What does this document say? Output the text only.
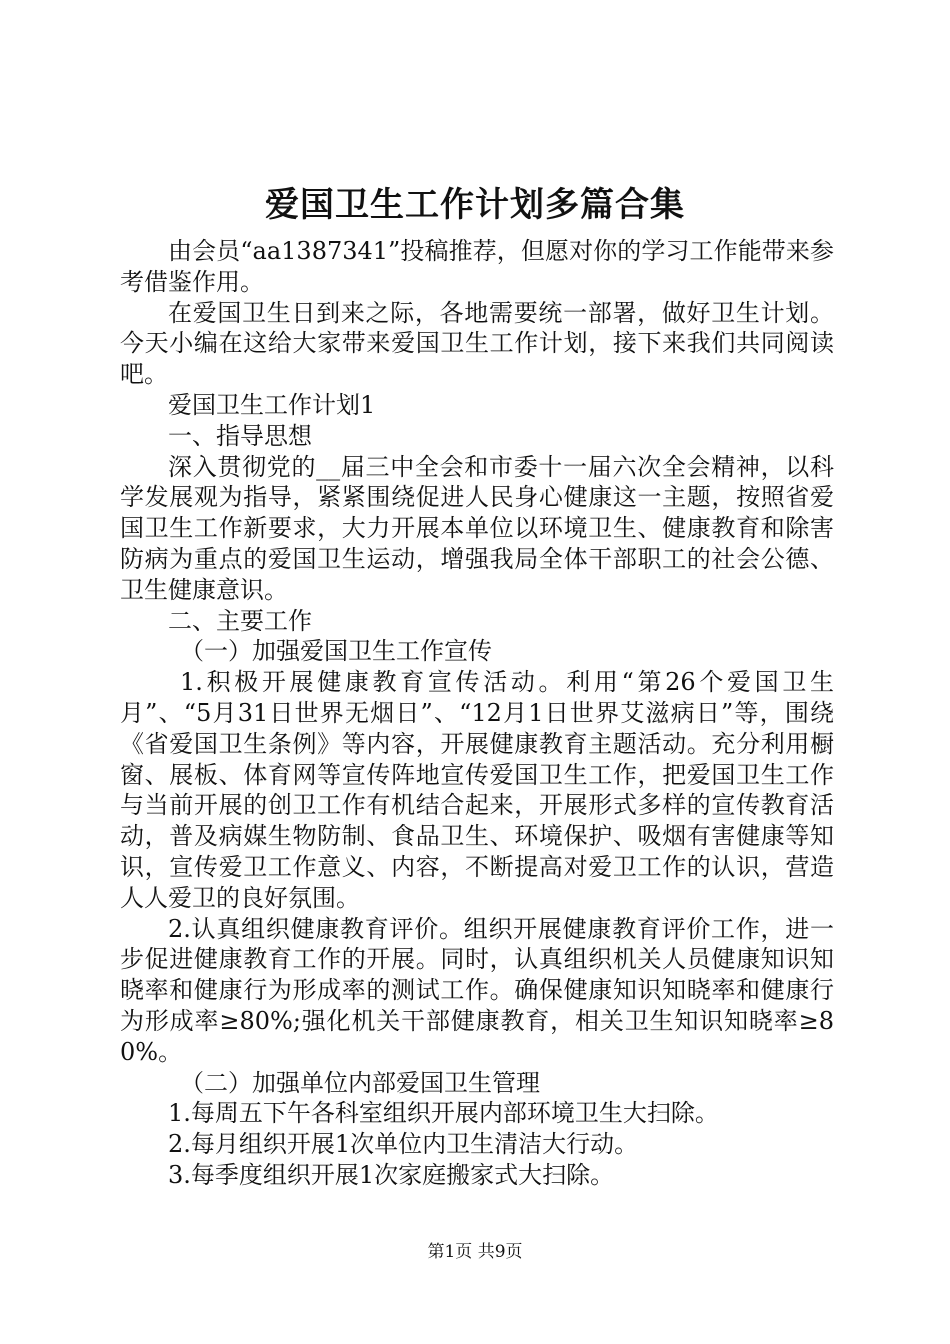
爱国卫生工作计划多篇合集

由会员“aa1387341”投稿推荐，但愿对你的学习工作能带来参考借鉴作用。

在爱国卫生日到来之际，各地需要统一部署，做好卫生计划。今天小编在这给大家带来爱国卫生工作计划，接下来我们共同阅读吧。

爱国卫生工作计划1

一、指导思想

深入贯彻党的__届三中全会和市委十一届六次全会精神，以科学发展观为指导，紧紧围绕促进人民身心健康这一主题，按照省爱国卫生工作新要求，大力开展本单位以环境卫生、健康教育和除害防病为重点的爱国卫生运动，增强我局全体干部职工的社会公德、卫生健康意识。

二、主要工作

（一）加强爱国卫生工作宣传

1.积极开展健康教育宣传活动。利用“第26个爱国卫生月”、“5月31日世界无烟日”、“12月1日世界艾滋病日”等，围绕《省爱国卫生条例》等内容，开展健康教育主题活动。充分利用橱窗、展板、体育网等宣传阵地宣传爱国卫生工作，把爱国卫生工作与当前开展的创卫工作有机结合起来，开展形式多样的宣传教育活动，普及病媒生物防制、食品卫生、环境保护、吸烟有害健康等知识，宣传爱卫工作意义、内容，不断提高对爱卫工作的认识，营造人人爱卫的良好氛围。

2.认真组织健康教育评价。组织开展健康教育评价工作，进一步促进健康教育工作的开展。同时，认真组织机关人员健康知识知晓率和健康行为形成率的测试工作。确保健康知识知晓率和健康行为形成率≥80%;强化机关干部健康教育，相关卫生知识知晓率≥80%。

（二）加强单位内部爱国卫生管理

1.每周五下午各科室组织开展内部环境卫生大扫除。

2.每月组织开展1次单位内卫生清洁大行动。

3.每季度组织开展1次家庭搬家式大扫除。

第1页 共9页
